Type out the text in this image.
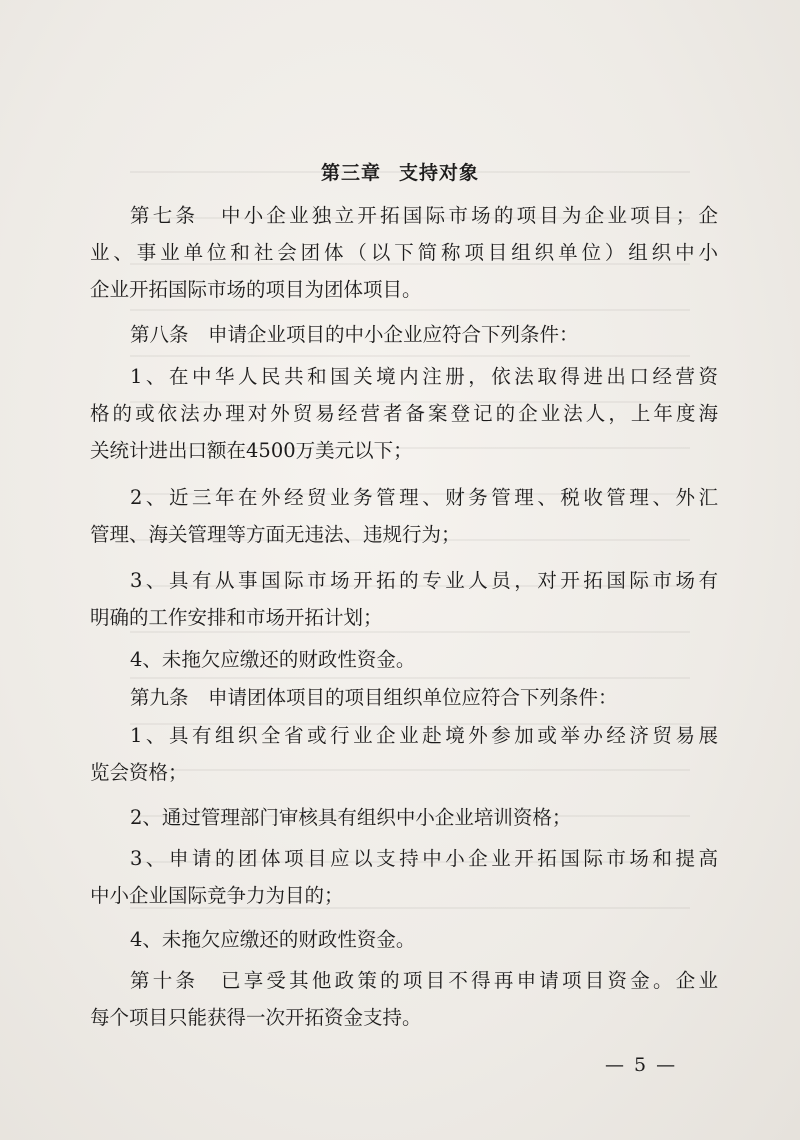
第三章 支持对象
第七条　中小企业独立开拓国际市场的项目为企业项目；企
业、事业单位和社会团体（以下简称项目组织单位）组织中小
企业开拓国际市场的项目为团体项目。
第八条　申请企业项目的中小企业应符合下列条件：
1、在中华人民共和国关境内注册，依法取得进出口经营资
格的或依法办理对外贸易经营者备案登记的企业法人，上年度海
关统计进出口额在4500万美元以下；
2、近三年在外经贸业务管理、财务管理、税收管理、外汇
管理、海关管理等方面无违法、违规行为；
3、具有从事国际市场开拓的专业人员，对开拓国际市场有
明确的工作安排和市场开拓计划；
4、未拖欠应缴还的财政性资金。
第九条　申请团体项目的项目组织单位应符合下列条件：
1、具有组织全省或行业企业赴境外参加或举办经济贸易展
览会资格；
2、通过管理部门审核具有组织中小企业培训资格；
3、申请的团体项目应以支持中小企业开拓国际市场和提高
中小企业国际竞争力为目的；
4、未拖欠应缴还的财政性资金。
第十条　已享受其他政策的项目不得再申请项目资金。企业
每个项目只能获得一次开拓资金支持。
— 5 —
